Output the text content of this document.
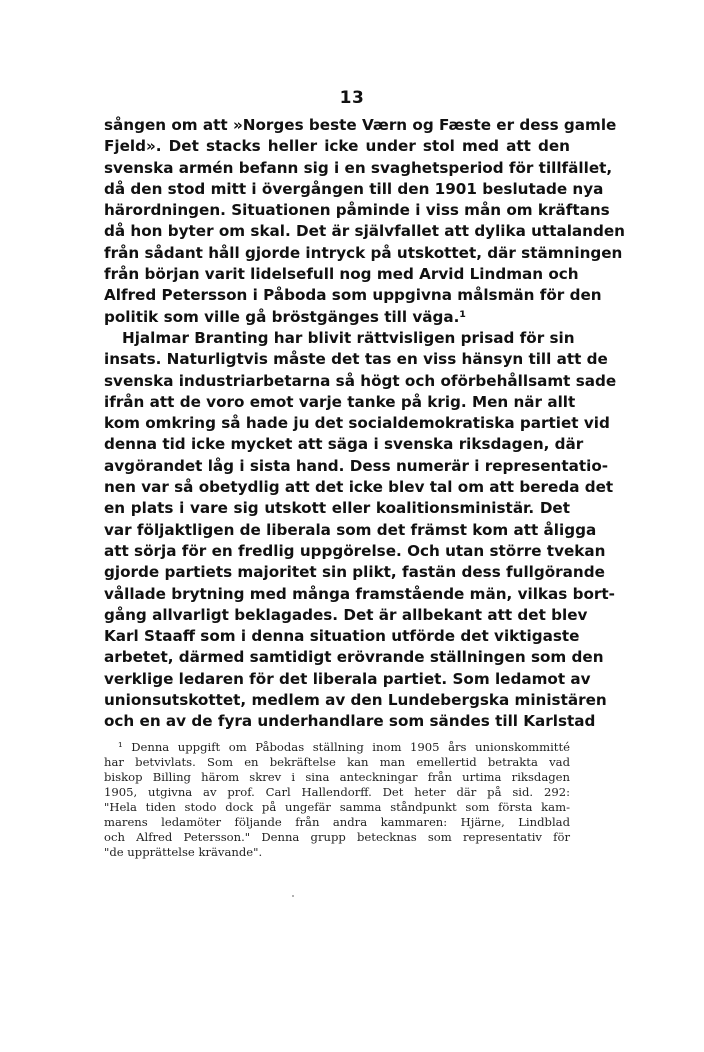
13
sången om att »Norges beste Værn og Fæste er dess gamle
Fjeld». Det stacks heller icke under stol med att den
svenska armén befann sig i en svaghetsperiod för tillfället,
då den stod mitt i övergången till den 1901 beslutade nya
härordningen. Situationen påminde i viss mån om kräftans
då hon byter om skal. Det är självfallet att dylika uttalanden
från sådant håll gjorde intryck på utskottet, där stämningen
från början varit lidelsefull nog med Arvid Lindman och
Alfred Petersson i Påboda som uppgivna målsmän för den
politik som ville gå bröstgänges till väga.¹
Hjalmar Branting har blivit rättvisligen prisad för sin
insats. Naturligtvis måste det tas en viss hänsyn till att de
svenska industriarbetarna så högt och oförbehållsamt sade
ifrån att de voro emot varje tanke på krig. Men när allt
kom omkring så hade ju det socialdemokratiska partiet vid
denna tid icke mycket att säga i svenska riksdagen, där
avgörandet låg i sista hand. Dess numerär i representatio-
nen var så obetydlig att det icke blev tal om att bereda det
en plats i vare sig utskott eller koalitionsministär. Det
var följaktligen de liberala som det främst kom att åligga
att sörja för en fredlig uppgörelse. Och utan större tvekan
gjorde partiets majoritet sin plikt, fastän dess fullgörande
vållade brytning med många framstående män, vilkas bort-
gång allvarligt beklagades. Det är allbekant att det blev
Karl Staaff som i denna situation utförde det viktigaste
arbetet, därmed samtidigt erövrande ställningen som den
verklige ledaren för det liberala partiet. Som ledamot av
unionsutskottet, medlem av den Lundebergska ministären
och en av de fyra underhandlare som sändes till Karlstad
¹ Denna uppgift om Påbodas ställning inom 1905 års unionskommitté
har betvivlats. Som en bekräftelse kan man emellertid betrakta vad
biskop Billing härom skrev i sina anteckningar från urtima riksdagen
1905, utgivna av prof. Carl Hallendorff. Det heter där på sid. 292:
"Hela tiden stodo dock på ungefär samma ståndpunkt som första kam-
marens ledamöter följande från andra kammaren: Hjärne, Lindblad
och Alfred Petersson." Denna grupp betecknas som representativ för
"de upprättelse krävande".
